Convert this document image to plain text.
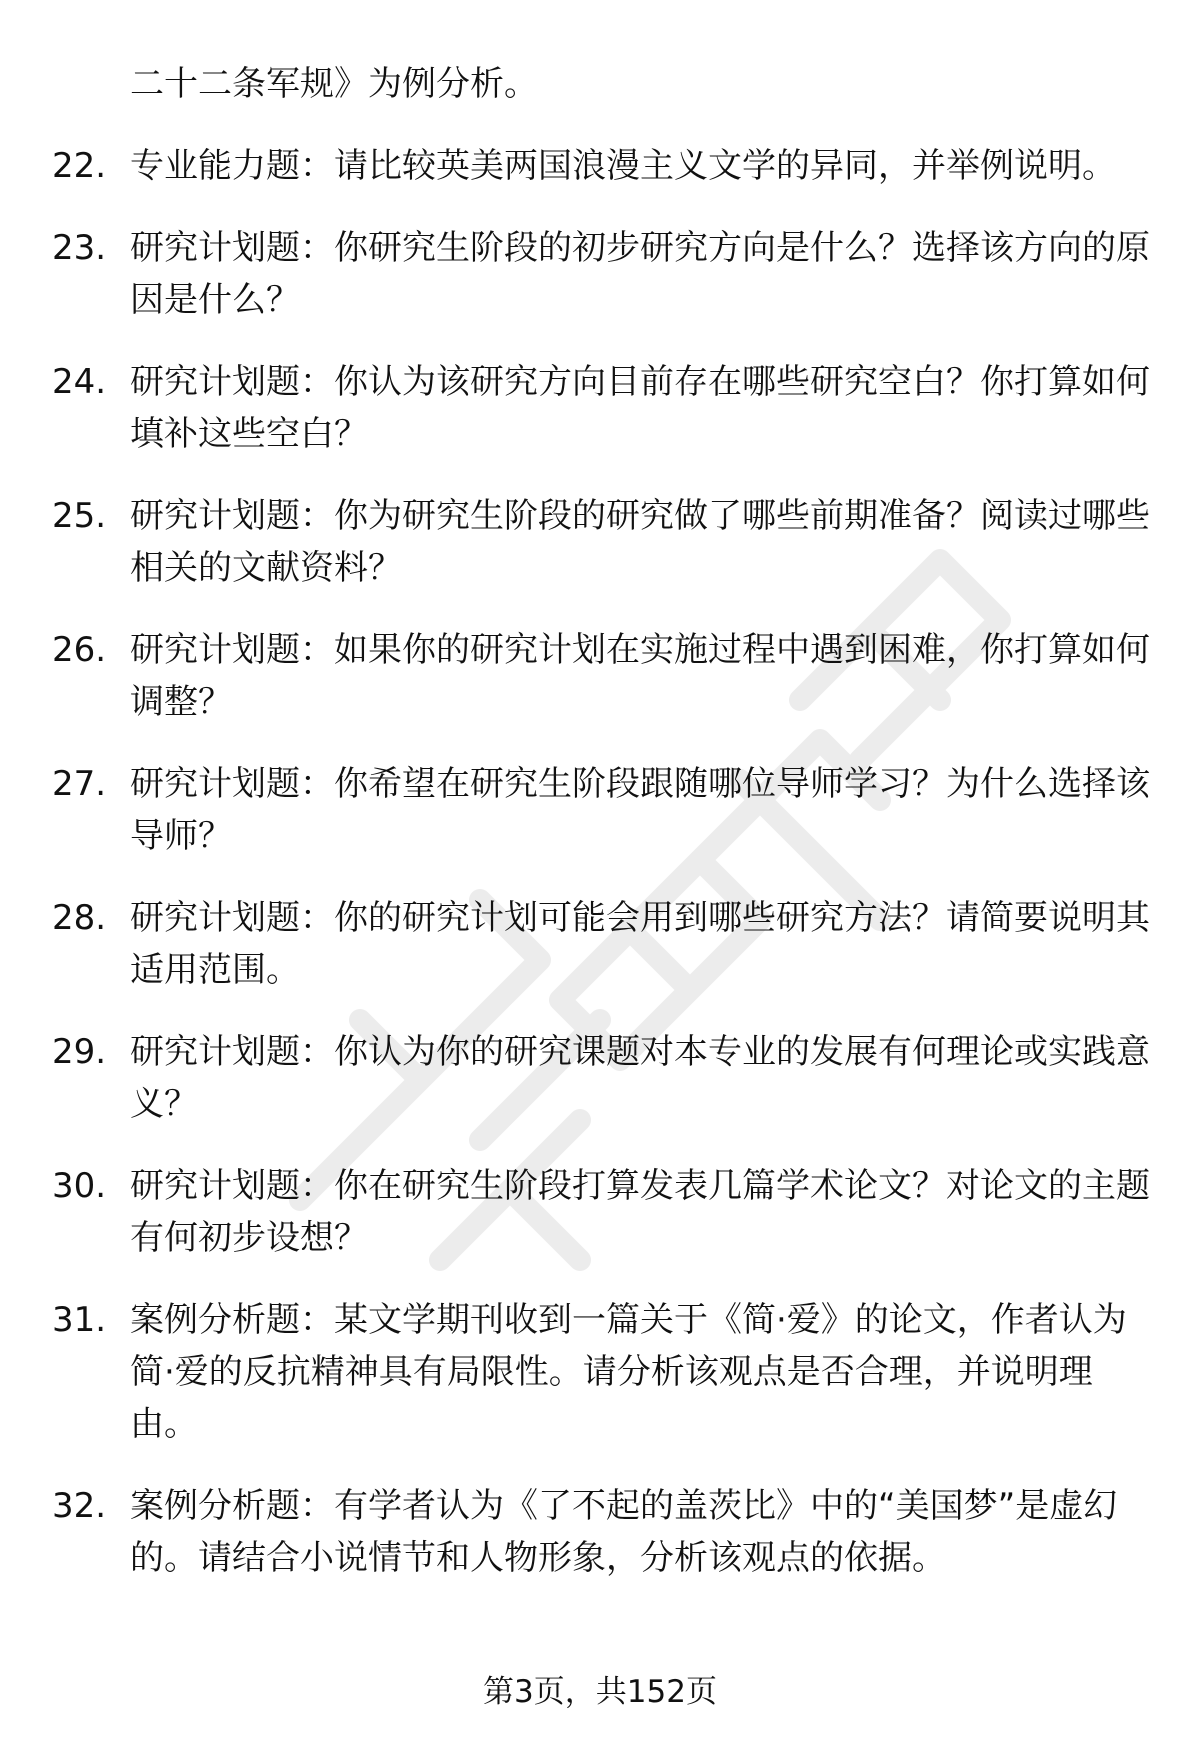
二十二条军规》为例分析。
22. 专业能力题：请比较英美两国浪漫主义文学的异同，并举例说明。
23. 研究计划题：你研究生阶段的初步研究方向是什么？选择该方向的原因是什么？
24. 研究计划题：你认为该研究方向目前存在哪些研究空白？你打算如何填补这些空白？
25. 研究计划题：你为研究生阶段的研究做了哪些前期准备？阅读过哪些相关的文献资料？
26. 研究计划题：如果你的研究计划在实施过程中遇到困难，你打算如何调整？
27. 研究计划题：你希望在研究生阶段跟随哪位导师学习？为什么选择该导师？
28. 研究计划题：你的研究计划可能会用到哪些研究方法？请简要说明其适用范围。
29. 研究计划题：你认为你的研究课题对本专业的发展有何理论或实践意义？
30. 研究计划题：你在研究生阶段打算发表几篇学术论文？对论文的主题有何初步设想？
31. 案例分析题：某文学期刊收到一篇关于《简·爱》的论文，作者认为简·爱的反抗精神具有局限性。请分析该观点是否合理，并说明理由。
32. 案例分析题：有学者认为《了不起的盖茨比》中的“美国梦”是虚幻的。请结合小说情节和人物形象，分析该观点的依据。
第3页，共152页
